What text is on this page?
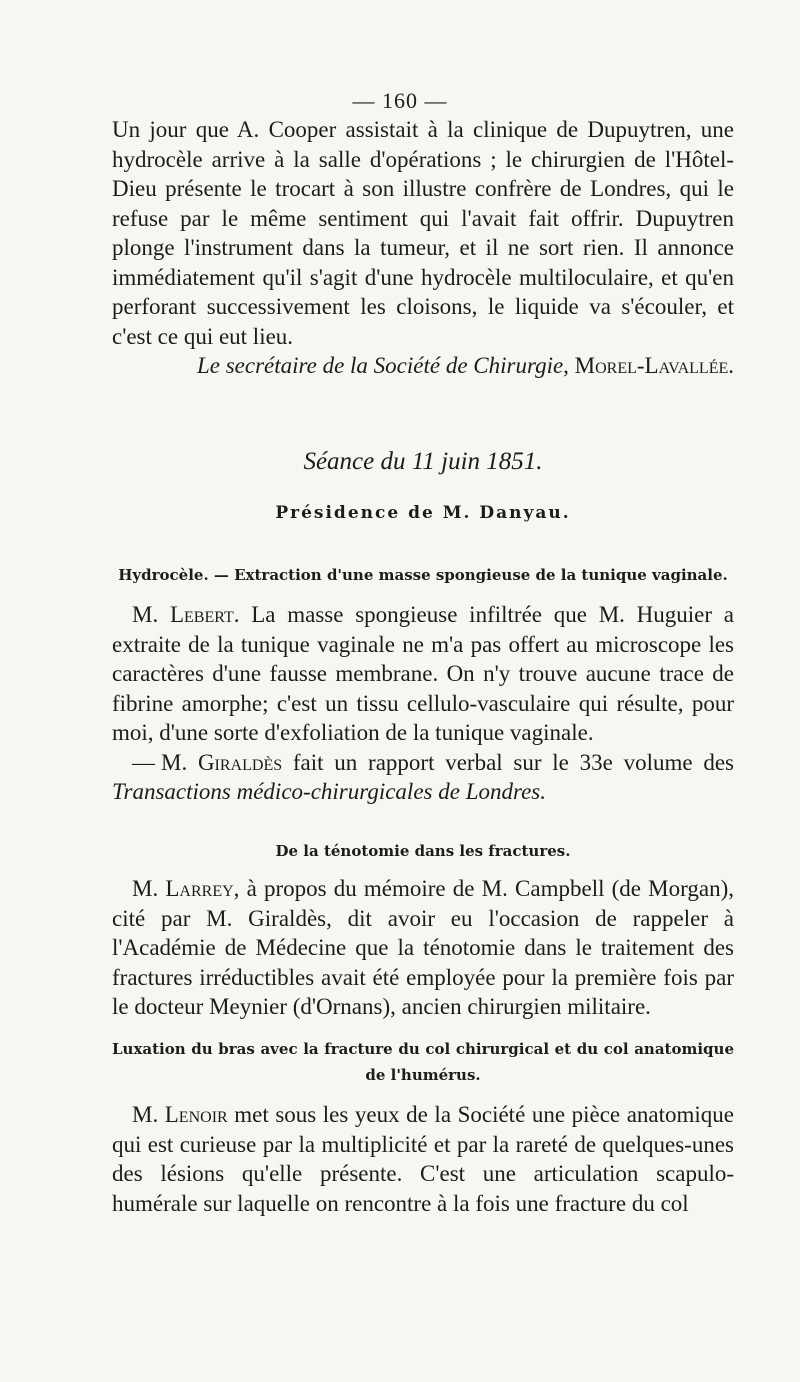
— 160 —

Un jour que A. Cooper assistait à la clinique de Dupuytren, une hydrocèle arrive à la salle d'opérations ; le chirurgien de l'Hôtel-Dieu présente le trocart à son illustre confrère de Londres, qui le refuse par le même sentiment qui l'avait fait offrir. Dupuytren plonge l'instrument dans la tumeur, et il ne sort rien. Il annonce immédiatement qu'il s'agit d'une hydrocèle multiloculaire, et qu'en perforant successivement les cloisons, le liquide va s'écouler, et c'est ce qui eut lieu.

Le secrétaire de la Société de Chirurgie, Morel-Lavallée.

Séance du 11 juin 1851.

Présidence de M. Danyau.

Hydrocèle. — Extraction d'une masse spongieuse de la tunique vaginale.

M. Lebert. La masse spongieuse infiltrée que M. Huguier a extraite de la tunique vaginale ne m'a pas offert au microscope les caractères d'une fausse membrane. On n'y trouve aucune trace de fibrine amorphe; c'est un tissu cellulo-vasculaire qui résulte, pour moi, d'une sorte d'exfoliation de la tunique vaginale.

— M. Giraldès fait un rapport verbal sur le 33e volume des Transactions médico-chirurgicales de Londres.

De la ténotomie dans les fractures.

M. Larrey, à propos du mémoire de M. Campbell (de Morgan), cité par M. Giraldès, dit avoir eu l'occasion de rappeler à l'Académie de Médecine que la ténotomie dans le traitement des fractures irréductibles avait été employée pour la première fois par le docteur Meynier (d'Ornans), ancien chirurgien militaire.

Luxation du bras avec la fracture du col chirurgical et du col anatomique de l'humérus.

M. Lenoir met sous les yeux de la Société une pièce anatomique qui est curieuse par la multiplicité et par la rareté de quelques-unes des lésions qu'elle présente. C'est une articulation scapulo-humérale sur laquelle on rencontre à la fois une fracture du col
